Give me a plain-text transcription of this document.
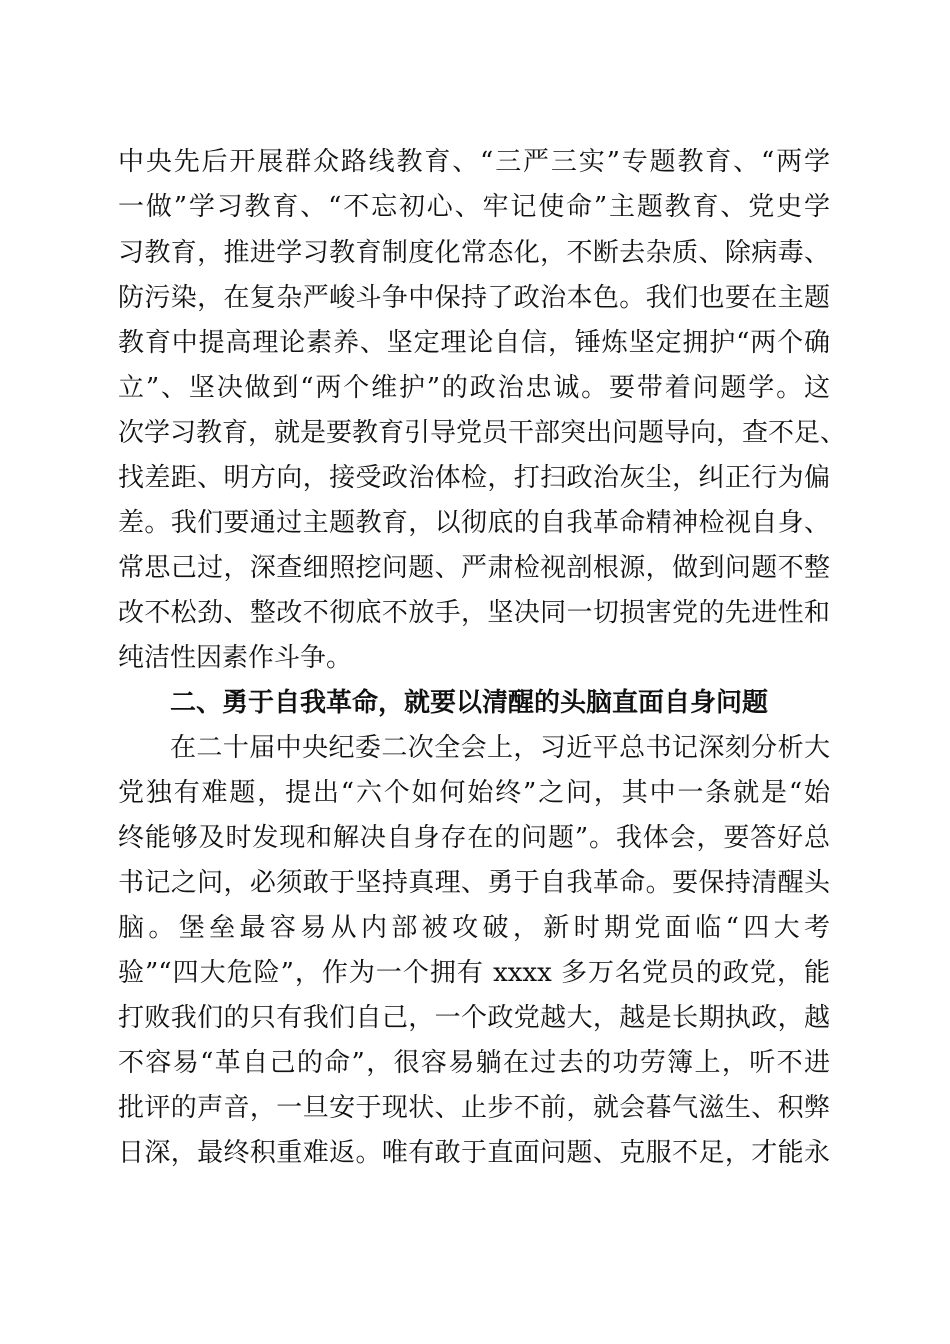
中央先后开展群众路线教育、“三严三实”专题教育、“两学
一做”学习教育、“不忘初心、牢记使命”主题教育、党史学
习教育，推进学习教育制度化常态化，不断去杂质、除病毒、
防污染，在复杂严峻斗争中保持了政治本色。我们也要在主题
教育中提高理论素养、坚定理论自信，锤炼坚定拥护“两个确
立”、坚决做到“两个维护”的政治忠诚。要带着问题学。这
次学习教育，就是要教育引导党员干部突出问题导向，查不足、
找差距、明方向，接受政治体检，打扫政治灰尘，纠正行为偏
差。我们要通过主题教育，以彻底的自我革命精神检视自身、
常思己过，深查细照挖问题、严肃检视剖根源，做到问题不整
改不松劲、整改不彻底不放手，坚决同一切损害党的先进性和
纯洁性因素作斗争。
二、勇于自我革命，就要以清醒的头脑直面自身问题
在二十届中央纪委二次全会上，习近平总书记深刻分析大
党独有难题，提出“六个如何始终”之问，其中一条就是“始
终能够及时发现和解决自身存在的问题”。我体会，要答好总
书记之问，必须敢于坚持真理、勇于自我革命。要保持清醒头
脑。堡垒最容易从内部被攻破，新时期党面临“四大考
验”“四大危险”，作为一个拥有 xxxx 多万名党员的政党，能
打败我们的只有我们自己，一个政党越大，越是长期执政，越
不容易“革自己的命”，很容易躺在过去的功劳簿上，听不进
批评的声音，一旦安于现状、止步不前，就会暮气滋生、积弊
日深，最终积重难返。唯有敢于直面问题、克服不足，才能永
